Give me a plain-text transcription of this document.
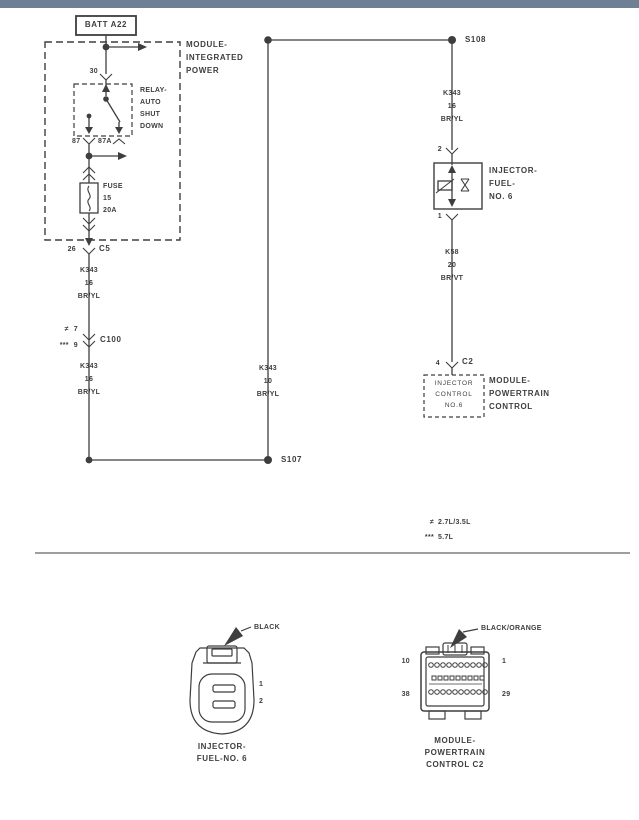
BATT A22
MODULE-
INTEGRATED
POWER
30
RELAY-
AUTO
SHUT
DOWN
87	87A
FUSE
15
20A
26	C5
K343
16
BR/YL
≠ 7
*** 9
C100
K343
16
BR/YL
K343
10
BR/YL
S107
S108
K343
16
BR/YL
2
INJECTOR-
FUEL-
NO. 6
1
K58
20
BR/VT
4	C2
INJECTOR
CONTROL
NO.6
MODULE-
POWERTRAIN
CONTROL
≠ 2.7L/3.5L
*** 5.7L
BLACK
1
2
INJECTOR-
FUEL-NO. 6
BLACK/ORANGE
10	1
38	29
MODULE-
POWERTRAIN
CONTROL C2
